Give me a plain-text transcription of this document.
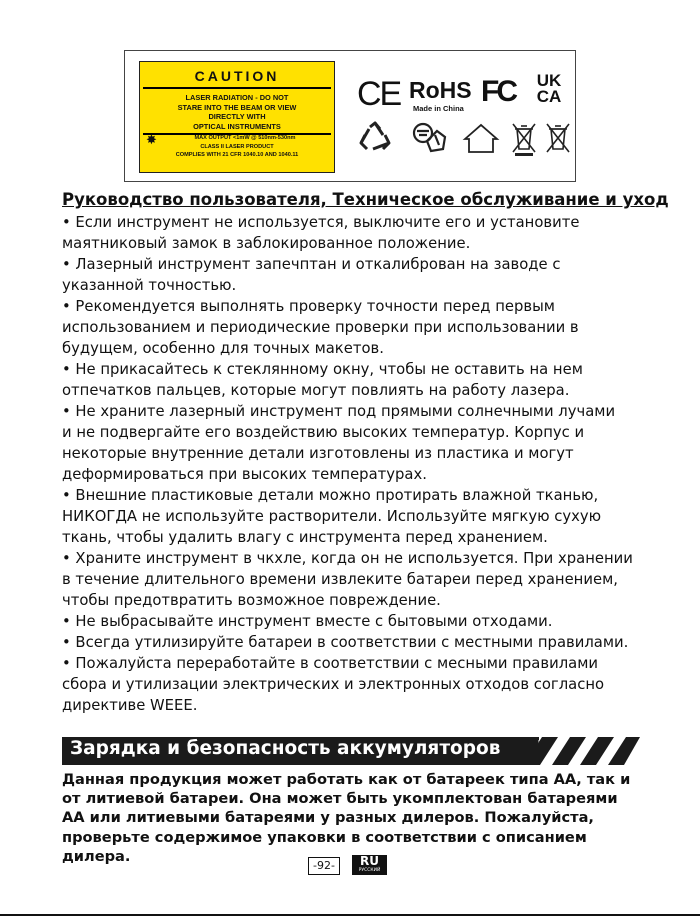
CAUTION
LASER RADIATION - DO NOT
STARE INTO THE BEAM OR VIEW
DIRECTLY WITH
OPTICAL INSTRUMENTS
✸	MAX OUTPUT <1mW @ 510nm-530nm
CLASS II LASER PRODUCT
COMPLIES WITH 21 CFR 1040.10 AND 1040.11
CE RoHS
Made in China
FC	UK CA
Руководство пользователя, Техническое обслуживание и уход
• Если инструмент не используется, выключите его и установите
маятниковый замок в заблокированное положение.
• Лазерный инструмент запечптан и откалиброван на заводе с
указанной точностью.
• Рекомендуется выполнять проверку точности перед первым
использованием и периодические проверки при использовании в
будущем, особенно для точных макетов.
• Не прикасайтесь к стеклянному окну, чтобы не оставить на нем
отпечатков пальцев, которые могут повлиять на работу лазера.
• Не храните лазерный инструмент под прямыми солнечными лучами
и не подвергайте его воздействию высоких температур. Корпус и
некоторые внутренние детали изготовлены из пластика и могут
деформироваться при высоких температурах.
• Внешние пластиковые детали можно протирать влажной тканью,
НИКОГДА не используйте растворители. Используйте мягкую сухую
ткань, чтобы удалить влагу с инструмента перед хранением.
• Храните инструмент в чкхле, когда он не используется. При хранении
в течение длительного времени извлеките батареи перед хранением,
чтобы предотвратить возможное повреждение.
• Не выбрасывайте инструмент вместе с бытовыми отходами.
• Всегда утилизируйте батареи в соответствии с местными правилами.
• Пожалуйста переработайте в соответствии с месными правилами
сбора и утилизации электрических и электронных отходов согласно
директиве WEEE.
Зарядка и безопасность аккумуляторов
Данная продукция может работать как от батареек типа АА, так и
от литиевой батареи. Она может быть укомплектован батареями
АА или литиевыми батареями у разных дилеров. Пожалуйста,
проверьте содержимое упаковки в соответствии с описанием
дилера.
-92-	RU
РУССКИЙ
